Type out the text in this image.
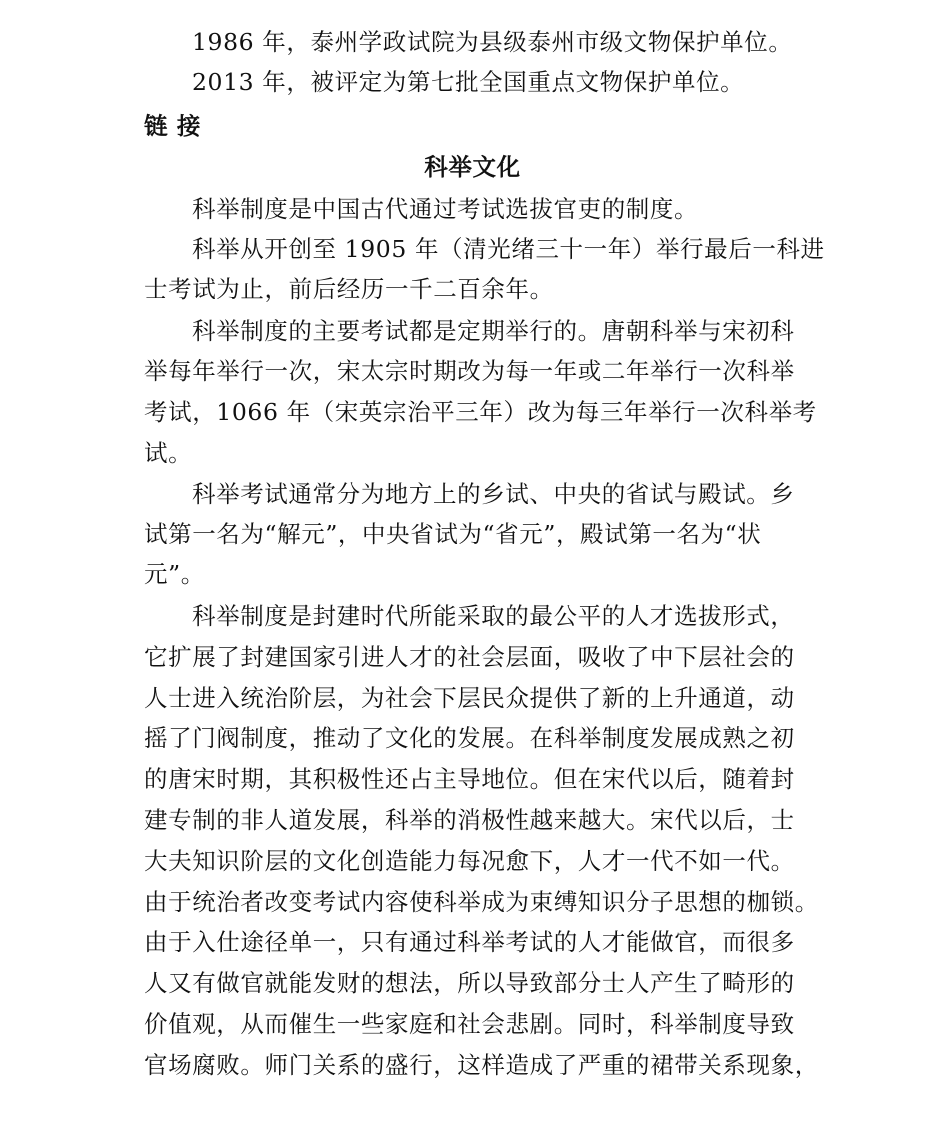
1986 年，泰州学政试院为县级泰州市级文物保护单位。
2013 年，被评定为第七批全国重点文物保护单位。
链 接
科举文化
科举制度是中国古代通过考试选拔官吏的制度。
科举从开创至 1905 年（清光绪三十一年）举行最后一科进
士考试为止，前后经历一千二百余年。
科举制度的主要考试都是定期举行的。唐朝科举与宋初科
举每年举行一次，宋太宗时期改为每一年或二年举行一次科举
考试，1066 年（宋英宗治平三年）改为每三年举行一次科举考
试。
科举考试通常分为地方上的乡试、中央的省试与殿试。乡
试第一名为“解元”，中央省试为“省元”，殿试第一名为“状
元”。
科举制度是封建时代所能采取的最公平的人才选拔形式，
它扩展了封建国家引进人才的社会层面，吸收了中下层社会的
人士进入统治阶层，为社会下层民众提供了新的上升通道，动
摇了门阀制度，推动了文化的发展。在科举制度发展成熟之初
的唐宋时期，其积极性还占主导地位。但在宋代以后，随着封
建专制的非人道发展，科举的消极性越来越大。宋代以后，士
大夫知识阶层的文化创造能力每况愈下，人才一代不如一代。
由于统治者改变考试内容使科举成为束缚知识分子思想的枷锁。
由于入仕途径单一，只有通过科举考试的人才能做官，而很多
人又有做官就能发财的想法，所以导致部分士人产生了畸形的
价值观，从而催生一些家庭和社会悲剧。同时，科举制度导致
官场腐败。师门关系的盛行，这样造成了严重的裙带关系现象，
